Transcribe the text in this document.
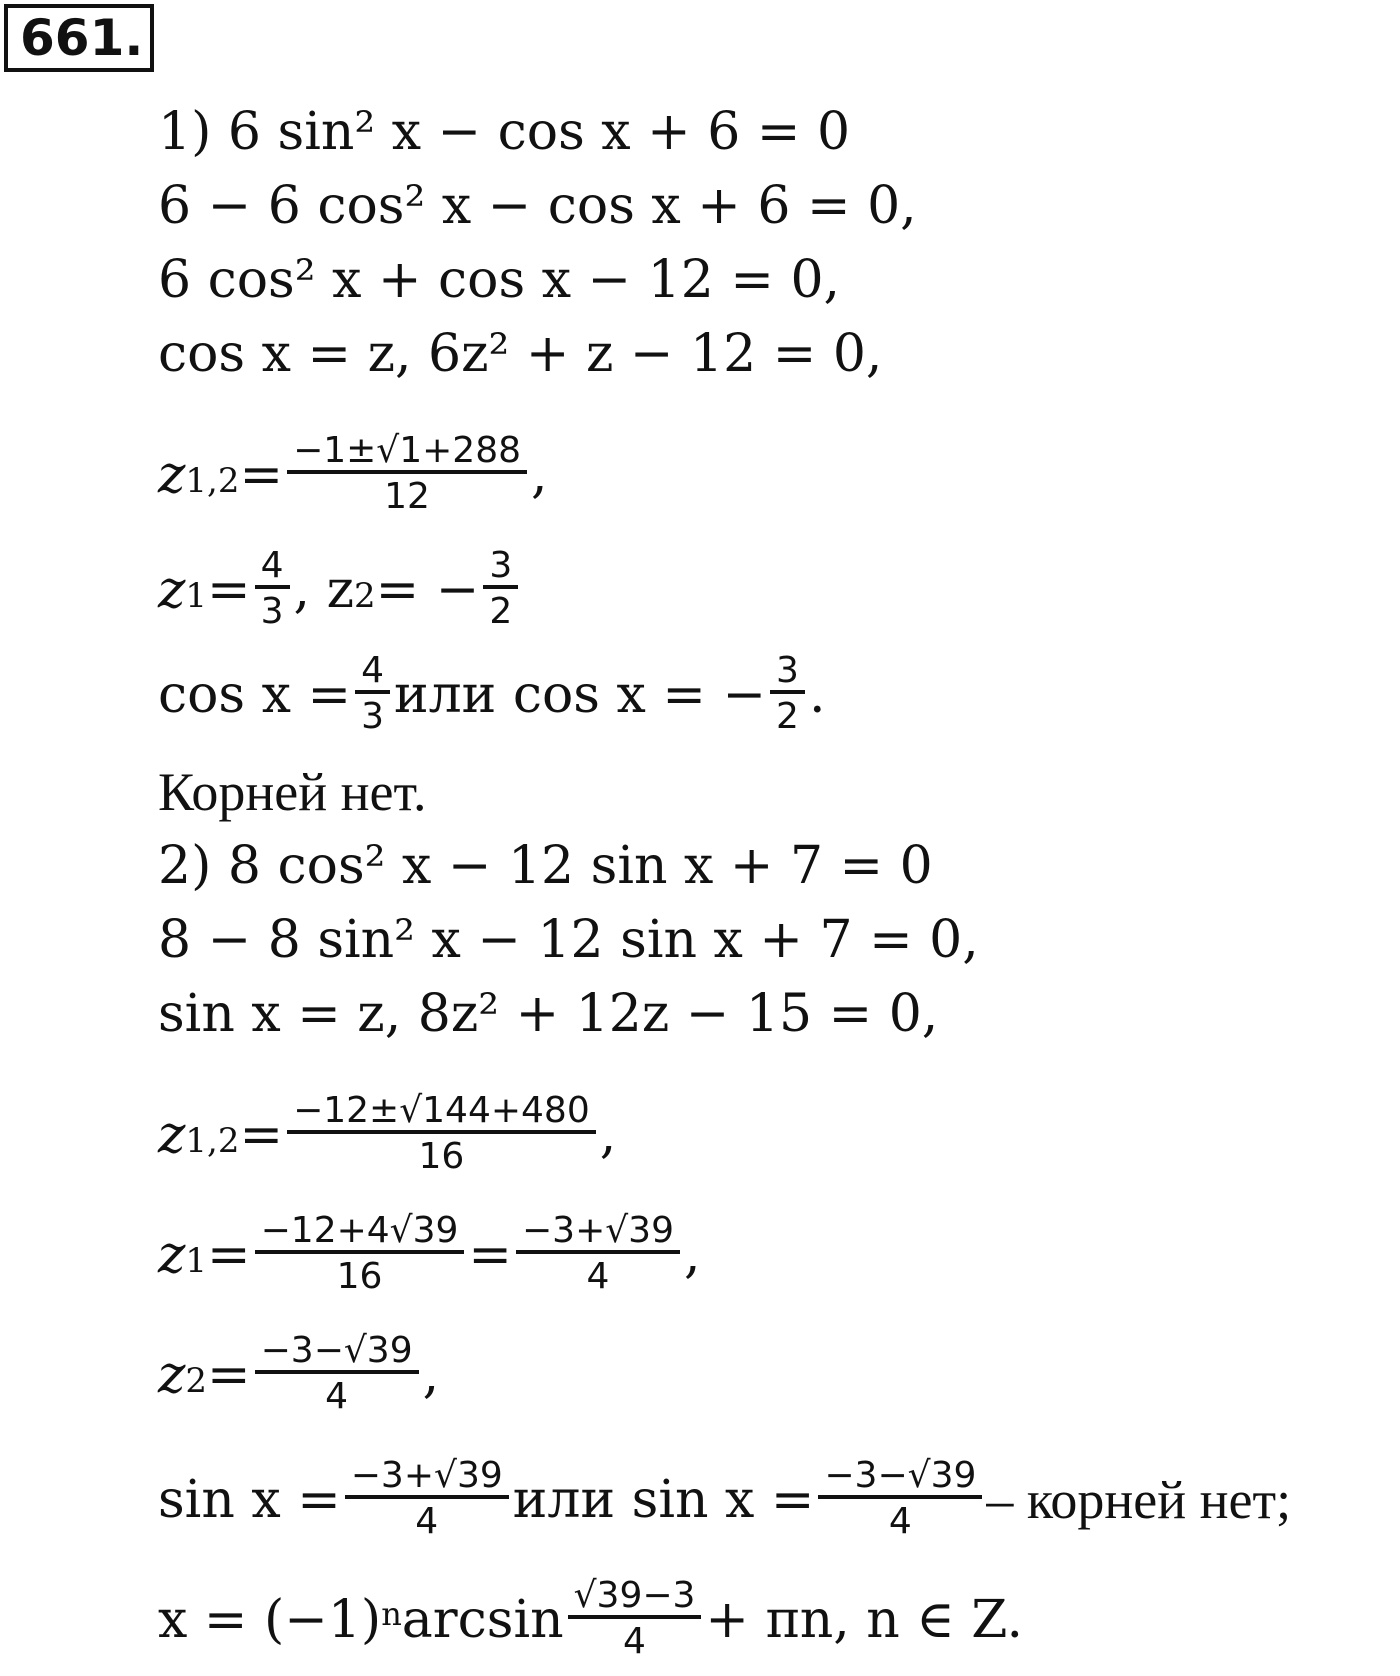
661.
1) 6 sin² x − cos x + 6 = 0
6 − 6 cos² x − cos x + 6 = 0,
6 cos² x + cos x − 12 = 0,
cos x = z, 6z² + z − 12 = 0,
$z_{1,2} = \frac{-1\pm√1+288}{12}$ ,
$z_1 = \frac{4}{3}$ , $z_2$ = − $\frac{3}{2}$
$\cos x = \frac{4}{3}$ или cos x = − $\frac{3}{2}$ .
Корней нет.
2) 8 cos² x − 12 sin x + 7 = 0
8 − 8 sin² x − 12 sin x + 7 = 0,
sin x = z, 8z² + 12z − 15 = 0,
$z_{1,2} = \frac{-12\pm√144+480}{16}$ ,
$z_1 = \frac{-12+4√39}{16} = \frac{-3+√39}{4}$ ,
$z_2 = \frac{-3-√39}{4}$ ,
$\sin x = \frac{-3+√39}{4}$ или $\sin x = \frac{-3-√39}{4}$ – корней нет;
$x = (-1)^n$ $\arcsin \frac{√39-3}{4} + \pi n$, n ∈ Z.
